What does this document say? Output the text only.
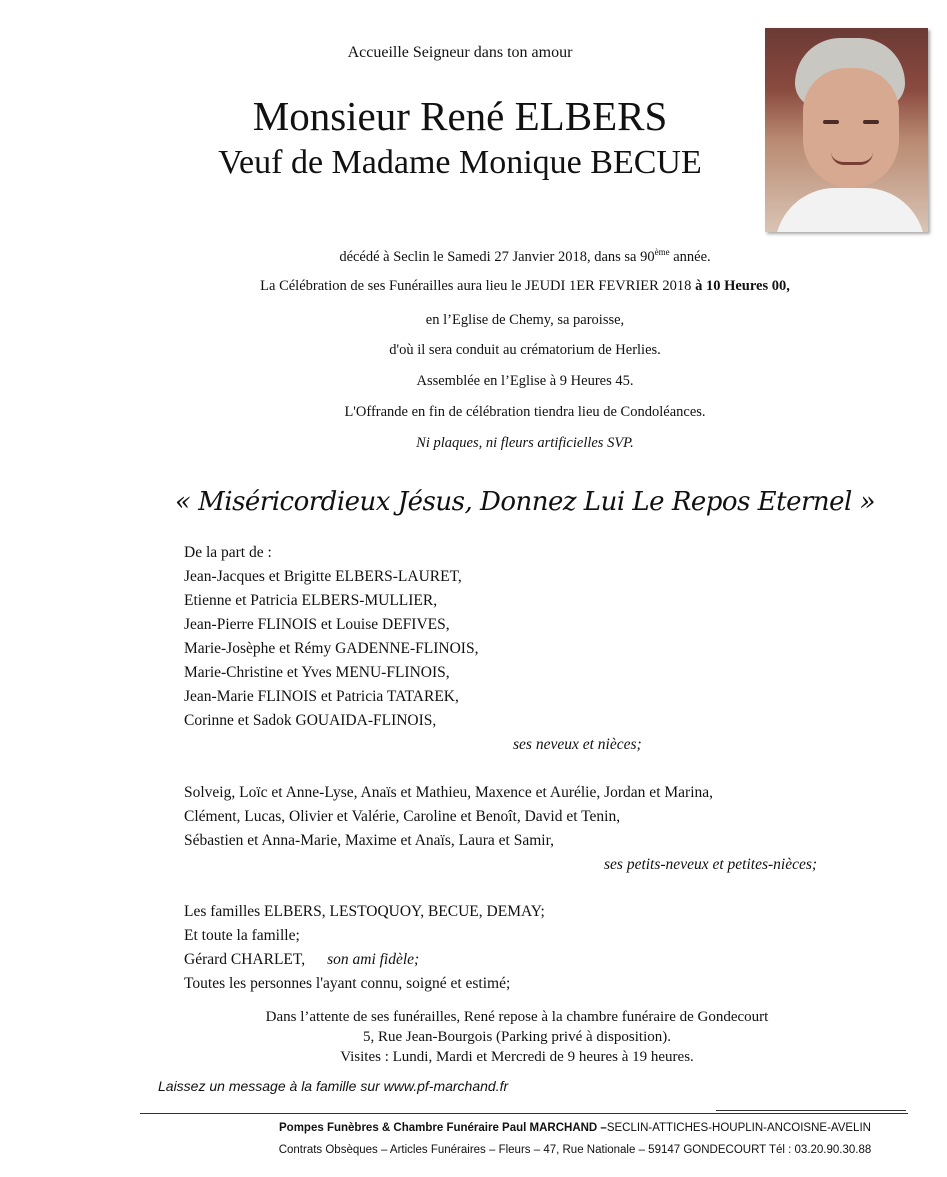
Accueille Seigneur dans ton amour
Monsieur René ELBERS
Veuf de Madame Monique BECUE
décédé à Seclin le Samedi 27 Janvier 2018, dans sa 90ème année.
La Célébration de ses Funérailles aura lieu le JEUDI 1ER FEVRIER 2018 à 10 Heures 00,
en l’Eglise de Chemy, sa paroisse,
d'où il sera conduit au crématorium de Herlies.
Assemblée en l’Eglise à 9 Heures 45.
L'Offrande en fin de célébration tiendra lieu de Condoléances.
Ni plaques, ni fleurs artificielles SVP.
« Miséricordieux Jésus, Donnez Lui Le Repos Eternel »
De la part de :
Jean-Jacques et Brigitte ELBERS-LAURET,
Etienne et Patricia ELBERS-MULLIER,
Jean-Pierre FLINOIS et Louise DEFIVES,
Marie-Josèphe et Rémy GADENNE-FLINOIS,
Marie-Christine et Yves MENU-FLINOIS,
Jean-Marie FLINOIS et Patricia TATAREK,
Corinne et Sadok GOUAIDA-FLINOIS,
ses neveux et nièces;
Solveig, Loïc et Anne-Lyse, Anaïs et Mathieu, Maxence et Aurélie, Jordan et Marina,
Clément, Lucas, Olivier et Valérie, Caroline et Benoît, David et Tenin,
Sébastien et Anna-Marie, Maxime et Anaïs, Laura et Samir,
ses petits-neveux et petites-nièces;
Les familles ELBERS, LESTOQUOY, BECUE, DEMAY;
Et toute la famille;
Gérard CHARLET, son ami fidèle;
Toutes les personnes l'ayant connu, soigné et estimé;
Dans l’attente de ses funérailles, René repose à la chambre funéraire de Gondecourt
5, Rue Jean-Bourgois (Parking privé à disposition).
Visites : Lundi, Mardi et Mercredi de 9 heures à 19 heures.
Laissez un message à la famille sur www.pf-marchand.fr
Pompes Funèbres & Chambre Funéraire Paul MARCHAND –SECLIN-ATTICHES-HOUPLIN-ANCOISNE-AVELIN
Contrats Obsèques – Articles Funéraires – Fleurs – 47, Rue Nationale – 59147 GONDECOURT Tél : 03.20.90.30.88
